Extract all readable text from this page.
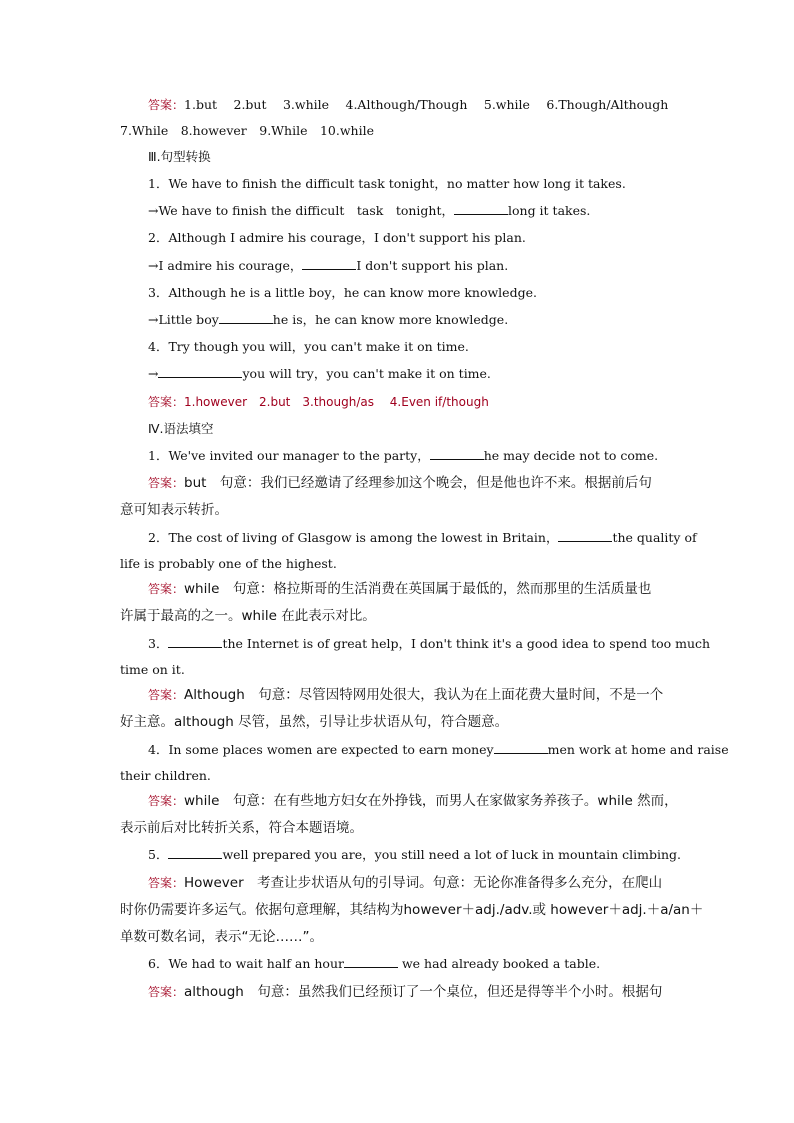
答案：1.but　 2.but　 3.while　 4.Although/Though　 5.while　 6.Though/Although
7.While　8.however　9.While　10.while
Ⅲ.句型转换
1．We have to finish the difficult task tonight，no matter how long it takes.
→We have to finish the difficult　task　tonight，	long it takes.
2．Although I admire his courage，I don't support his plan.
→I admire his courage，	I don't support his plan.
3．Although he is a little boy，he can know more knowledge.
→Little boy	he is，he can know more knowledge.
4．Try though you will，you can't make it on time.
→	you will try，you can't make it on time.
答案：1.however　2.but　3.though/as　 4.Even if/though
Ⅳ.语法填空
1．We've invited our manager to the party，	he may decide not to come.
答案：but　句意：我们已经邀请了经理参加这个晚会，但是他也许不来。根据前后句
意可知表示转折。
2．The cost of living of Glasgow is among the lowest in Britain，	the quality of
life is probably one of the highest.
答案：while　句意：格拉斯哥的生活消费在英国属于最低的，然而那里的生活质量也
许属于最高的之一。while 在此表示对比。
3．	the Internet is of great help，I don't think it's a good idea to spend too much
time on it.
答案：Although　句意：尽管因特网用处很大，我认为在上面花费大量时间，不是一个
好主意。although 尽管，虽然，引导让步状语从句，符合题意。
4．In some places women are expected to earn money	men work at home and raise
their children.
答案：while　句意：在有些地方妇女在外挣钱，而男人在家做家务养孩子。while 然而，
表示前后对比转折关系，符合本题语境。
5．	well prepared you are，you still need a lot of luck in mountain climbing.
答案：However　考查让步状语从句的引导词。句意：无论你准备得多么充分，在爬山
时你仍需要许多运气。依据句意理解，其结构为however＋adj./adv.或 however＋adj.＋a/an＋
单数可数名词，表示“无论……”。
6．We had to wait half an hour	we had already booked a table.
答案：although　句意：虽然我们已经预订了一个桌位，但还是得等半个小时。根据句
